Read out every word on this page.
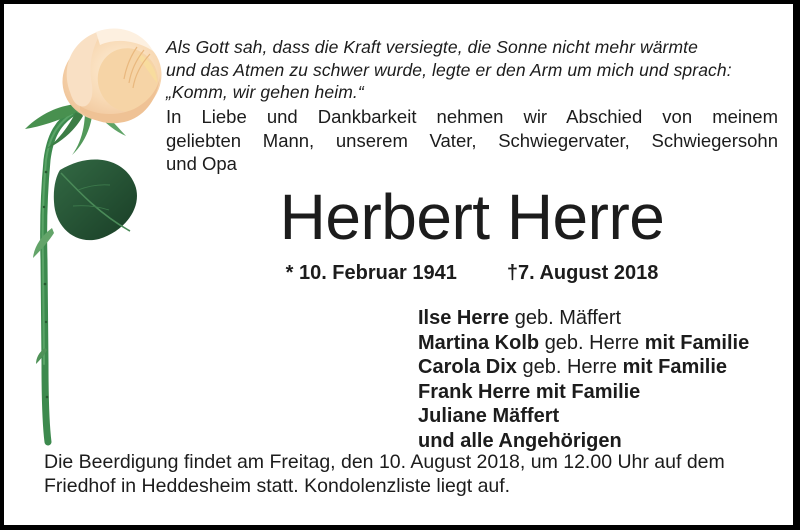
Als Gott sah, dass die Kraft versiegte, die Sonne nicht mehr wärmte
und das Atmen zu schwer wurde, legte er den Arm um mich und sprach:
„Komm, wir gehen heim.“
In Liebe und Dankbarkeit nehmen wir Abschied von meinem
geliebten Mann, unserem Vater, Schwiegervater, Schwiegersohn
und Opa
Herbert Herre
* 10. Februar 1941	†7. August 2018
Ilse Herre geb. Mäffert
Martina Kolb geb. Herre mit Familie
Carola Dix geb. Herre mit Familie
Frank Herre mit Familie
Juliane Mäffert
und alle Angehörigen
Die Beerdigung findet am Freitag, den 10. August 2018, um 12.00 Uhr auf dem
Friedhof in Heddesheim statt. Kondolenzliste liegt auf.
